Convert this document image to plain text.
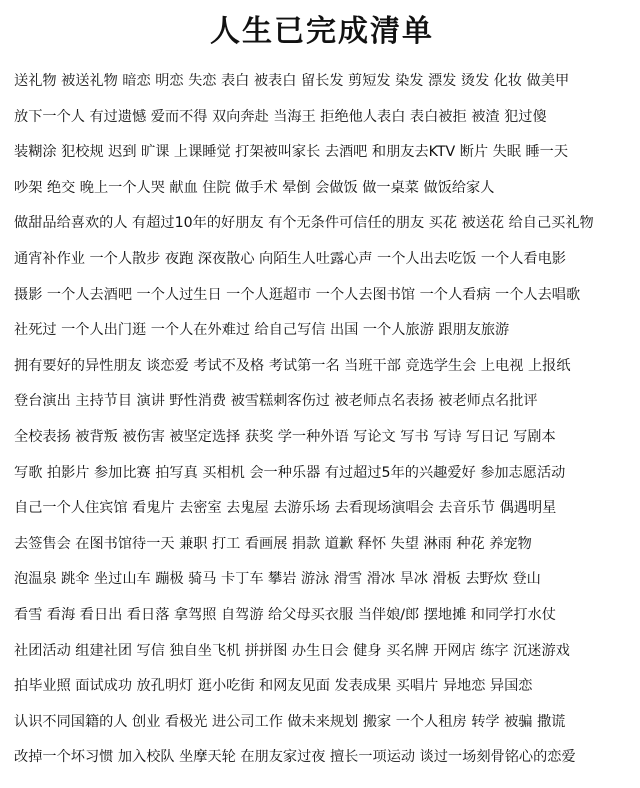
人生已完成清单
送礼物 被送礼物 暗恋 明恋 失恋 表白 被表白 留长发 剪短发 染发 漂发 烫发 化妆 做美甲
放下一个人 有过遗憾 爱而不得 双向奔赴 当海王 拒绝他人表白 表白被拒 被渣 犯过傻
装糊涂 犯校规 迟到 旷课 上课睡觉 打架被叫家长 去酒吧 和朋友去KTV 断片 失眠 睡一天
吵架 绝交 晚上一个人哭 献血 住院 做手术 晕倒 会做饭 做一桌菜 做饭给家人
做甜品给喜欢的人 有超过10年的好朋友 有个无条件可信任的朋友 买花 被送花 给自己买礼物
通宵补作业 一个人散步 夜跑 深夜散心 向陌生人吐露心声 一个人出去吃饭 一个人看电影
摄影 一个人去酒吧 一个人过生日 一个人逛超市 一个人去图书馆 一个人看病 一个人去唱歌
社死过 一个人出门逛 一个人在外难过 给自己写信 出国 一个人旅游 跟朋友旅游
拥有要好的异性朋友 谈恋爱 考试不及格 考试第一名 当班干部 竞选学生会 上电视 上报纸
登台演出 主持节目 演讲 野性消费 被雪糕刺客伤过 被老师点名表扬 被老师点名批评
全校表扬 被背叛 被伤害 被坚定选择 获奖 学一种外语 写论文 写书 写诗 写日记 写剧本
写歌 拍影片 参加比赛 拍写真 买相机 会一种乐器 有过超过5年的兴趣爱好 参加志愿活动
自己一个人住宾馆 看鬼片 去密室 去鬼屋 去游乐场 去看现场演唱会 去音乐节 偶遇明星
去签售会 在图书馆待一天 兼职 打工 看画展 捐款 道歉 释怀 失望 淋雨 种花 养宠物
泡温泉 跳伞 坐过山车 蹦极 骑马 卡丁车 攀岩 游泳 滑雪 滑冰 旱冰 滑板 去野炊 登山
看雪 看海 看日出 看日落 拿驾照 自驾游 给父母买衣服 当伴娘/郎 摆地摊 和同学打水仗
社团活动 组建社团 写信 独自坐飞机 拼拼图 办生日会 健身 买名牌 开网店 练字 沉迷游戏
拍毕业照 面试成功 放孔明灯 逛小吃街 和网友见面 发表成果 买唱片 异地恋 异国恋
认识不同国籍的人 创业 看极光 进公司工作 做未来规划 搬家 一个人租房 转学 被骗 撒谎
改掉一个坏习惯 加入校队 坐摩天轮 在朋友家过夜 擅长一项运动 谈过一场刻骨铭心的恋爱
